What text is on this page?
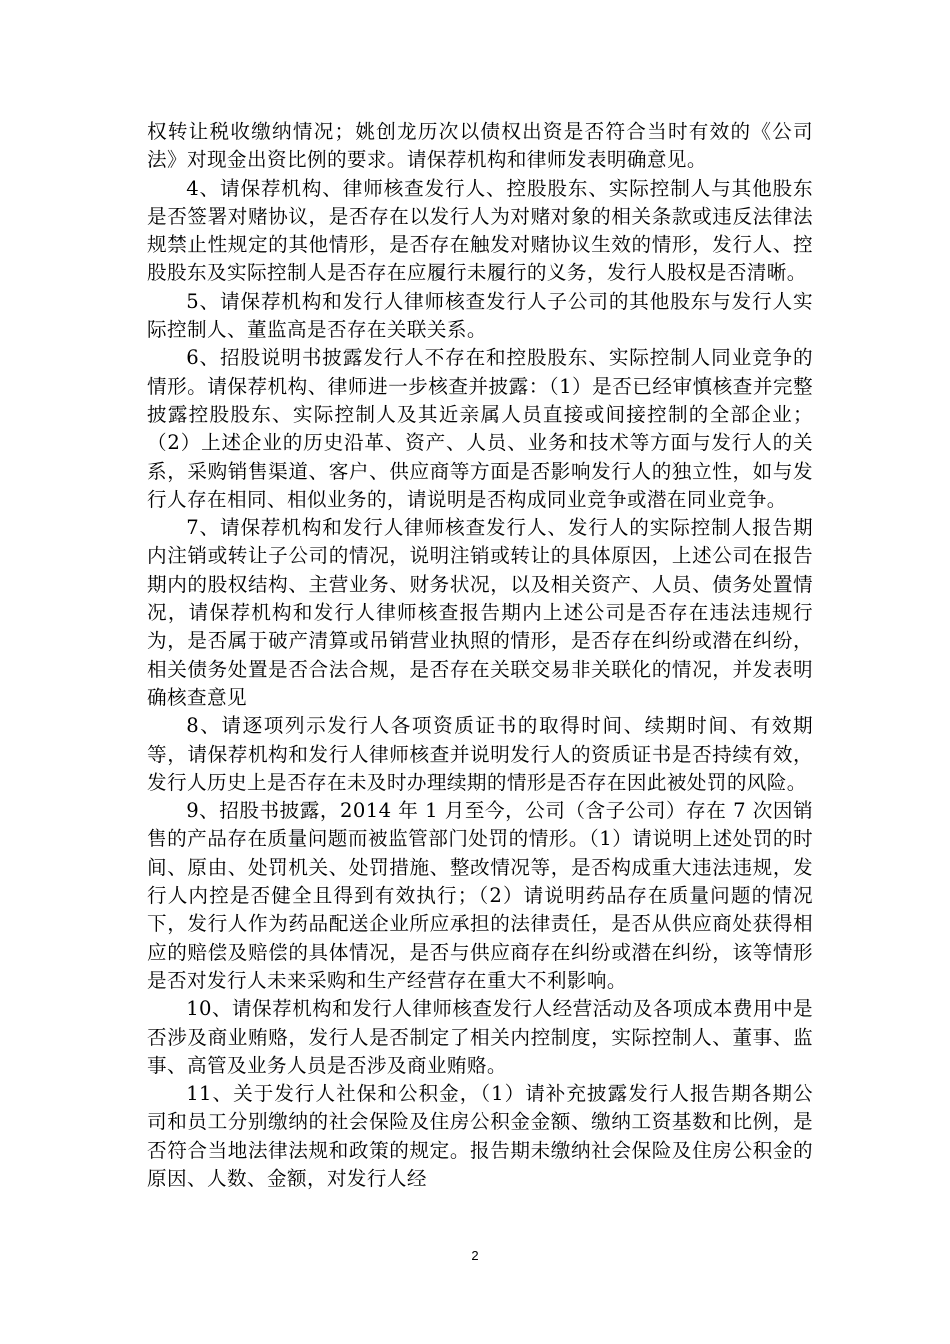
权转让税收缴纳情况；姚创龙历次以债权出资是否符合当时有效的《公司法》对现金出资比例的要求。请保荐机构和律师发表明确意见。

4、请保荐机构、律师核查发行人、控股股东、实际控制人与其他股东是否签署对赌协议，是否存在以发行人为对赌对象的相关条款或违反法律法规禁止性规定的其他情形，是否存在触发对赌协议生效的情形，发行人、控股股东及实际控制人是否存在应履行未履行的义务，发行人股权是否清晰。

5、请保荐机构和发行人律师核查发行人子公司的其他股东与发行人实际控制人、董监高是否存在关联关系。

6、招股说明书披露发行人不存在和控股股东、实际控制人同业竞争的情形。请保荐机构、律师进一步核查并披露：（1）是否已经审慎核查并完整披露控股股东、实际控制人及其近亲属人员直接或间接控制的全部企业；（2）上述企业的历史沿革、资产、人员、业务和技术等方面与发行人的关系，采购销售渠道、客户、供应商等方面是否影响发行人的独立性，如与发行人存在相同、相似业务的，请说明是否构成同业竞争或潜在同业竞争。

7、请保荐机构和发行人律师核查发行人、发行人的实际控制人报告期内注销或转让子公司的情况，说明注销或转让的具体原因，上述公司在报告期内的股权结构、主营业务、财务状况，以及相关资产、人员、债务处置情况，请保荐机构和发行人律师核查报告期内上述公司是否存在违法违规行为，是否属于破产清算或吊销营业执照的情形，是否存在纠纷或潜在纠纷，相关债务处置是否合法合规，是否存在关联交易非关联化的情况，并发表明确核查意见

8、请逐项列示发行人各项资质证书的取得时间、续期时间、有效期等，请保荐机构和发行人律师核查并说明发行人的资质证书是否持续有效，发行人历史上是否存在未及时办理续期的情形是否存在因此被处罚的风险。

9、招股书披露，2014 年 1 月至今，公司（含子公司）存在 7 次因销售的产品存在质量问题而被监管部门处罚的情形。（1）请说明上述处罚的时间、原由、处罚机关、处罚措施、整改情况等，是否构成重大违法违规，发行人内控是否健全且得到有效执行；（2）请说明药品存在质量问题的情况下，发行人作为药品配送企业所应承担的法律责任，是否从供应商处获得相应的赔偿及赔偿的具体情况，是否与供应商存在纠纷或潜在纠纷，该等情形是否对发行人未来采购和生产经营存在重大不利影响。

10、请保荐机构和发行人律师核查发行人经营活动及各项成本费用中是否涉及商业贿赂，发行人是否制定了相关内控制度，实际控制人、董事、监事、高管及业务人员是否涉及商业贿赂。

11、关于发行人社保和公积金，（1）请补充披露发行人报告期各期公司和员工分别缴纳的社会保险及住房公积金金额、缴纳工资基数和比例，是否符合当地法律法规和政策的规定。报告期未缴纳社会保险及住房公积金的原因、人数、金额，对发行人经

2
